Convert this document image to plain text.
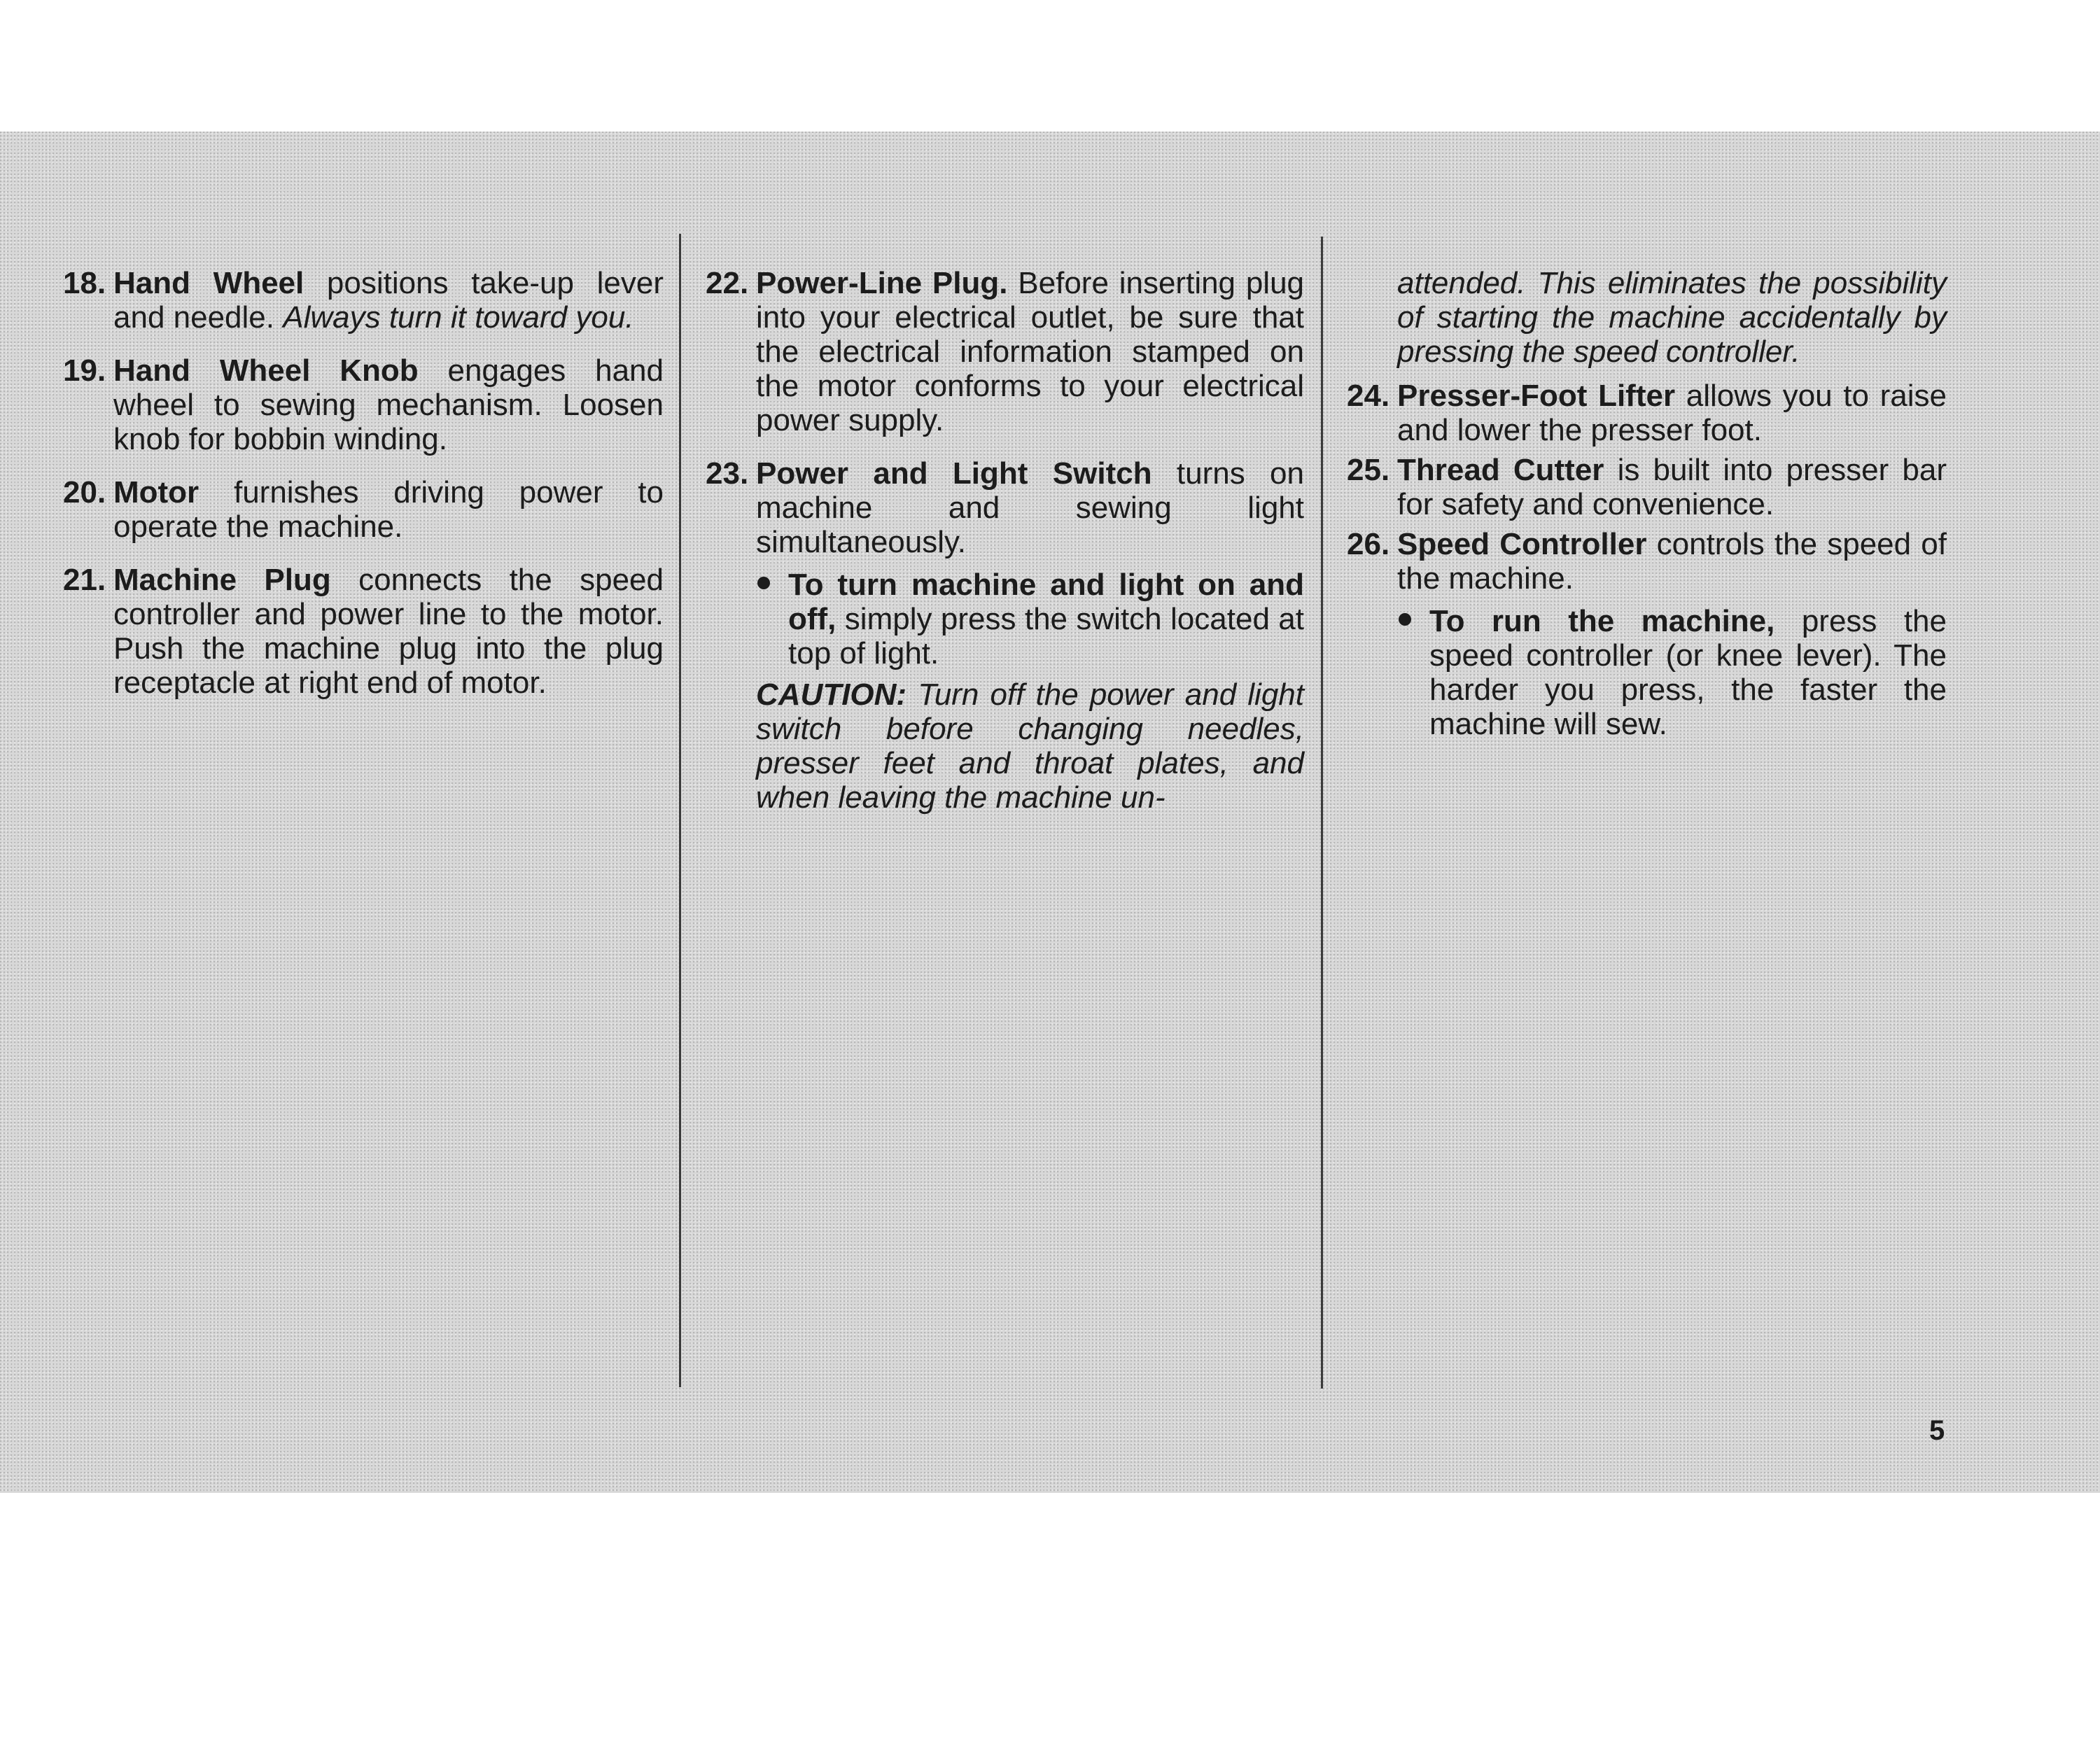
18. Hand Wheel positions take-up lever and needle. Always turn it toward you.
19. Hand Wheel Knob engages hand wheel to sewing mechanism. Loosen knob for bobbin winding.
20. Motor furnishes driving power to operate the machine.
21. Machine Plug connects the speed controller and power line to the motor. Push the machine plug into the plug receptacle at right end of motor.
22. Power-Line Plug. Before inserting plug into your electrical outlet, be sure that the electrical information stamped on the motor conforms to your electrical power supply.
23. Power and Light Switch turns on machine and sewing light simultaneously.
To turn machine and light on and off, simply press the switch located at top of light.
CAUTION: Turn off the power and light switch before changing needles, presser feet and throat plates, and when leaving the machine un-
attended. This eliminates the possibility of starting the machine accidentally by pressing the speed controller.
24. Presser-Foot Lifter allows you to raise and lower the presser foot.
25. Thread Cutter is built into presser bar for safety and convenience.
26. Speed Controller controls the speed of the machine.
To run the machine, press the speed controller (or knee lever). The harder you press, the faster the machine will sew.
5
